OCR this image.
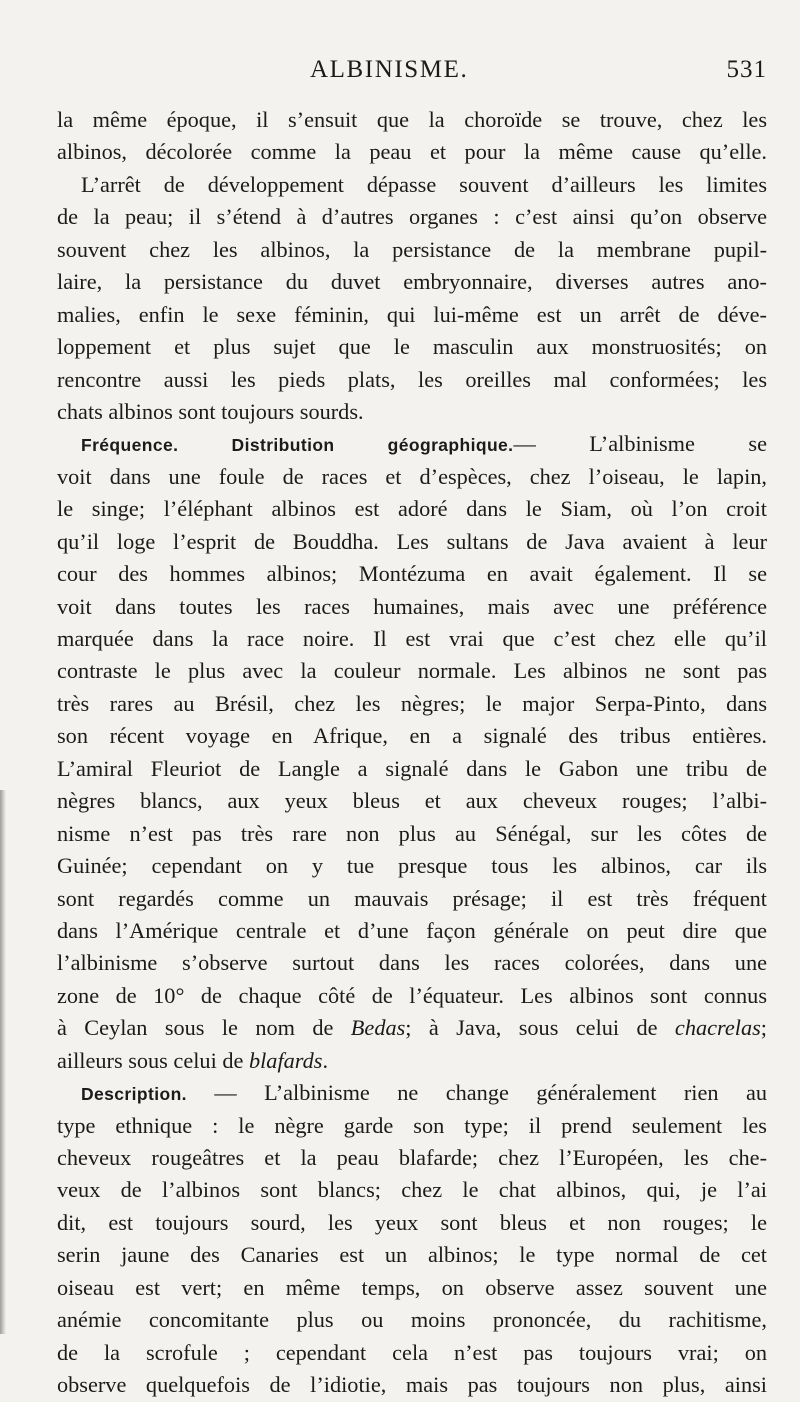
ALBINISME.	531
la même époque, il s’ensuit que la choroïde se trouve, chez les
albinos, décolorée comme la peau et pour la même cause qu’elle.
L’arrêt de développement dépasse souvent d’ailleurs les limites
de la peau; il s’étend à d’autres organes : c’est ainsi qu’on observe
souvent chez les albinos, la persistance de la membrane pupil-
laire, la persistance du duvet embryonnaire, diverses autres ano-
malies, enfin le sexe féminin, qui lui-même est un arrêt de déve-
loppement et plus sujet que le masculin aux monstruosités; on
rencontre aussi les pieds plats, les oreilles mal conformées; les
chats albinos sont toujours sourds.
Fréquence. Distribution géographique.— L’albinisme se
voit dans une foule de races et d’espèces, chez l’oiseau, le lapin,
le singe; l’éléphant albinos est adoré dans le Siam, où l’on croit
qu’il loge l’esprit de Bouddha. Les sultans de Java avaient à leur
cour des hommes albinos; Montézuma en avait également. Il se
voit dans toutes les races humaines, mais avec une préférence
marquée dans la race noire. Il est vrai que c’est chez elle qu’il
contraste le plus avec la couleur normale. Les albinos ne sont pas
très rares au Brésil, chez les nègres; le major Serpa-Pinto, dans
son récent voyage en Afrique, en a signalé des tribus entières.
L’amiral Fleuriot de Langle a signalé dans le Gabon une tribu de
nègres blancs, aux yeux bleus et aux cheveux rouges; l’albi-
nisme n’est pas très rare non plus au Sénégal, sur les côtes de
Guinée; cependant on y tue presque tous les albinos, car ils
sont regardés comme un mauvais présage; il est très fréquent
dans l’Amérique centrale et d’une façon générale on peut dire que
l’albinisme s’observe surtout dans les races colorées, dans une
zone de 10° de chaque côté de l’équateur. Les albinos sont connus
à Ceylan sous le nom de Bedas; à Java, sous celui de chacrelas;
ailleurs sous celui de blafards.
Description. — L’albinisme ne change généralement rien au
type ethnique : le nègre garde son type; il prend seulement les
cheveux rougeâtres et la peau blafarde; chez l’Européen, les che-
veux de l’albinos sont blancs; chez le chat albinos, qui, je l’ai
dit, est toujours sourd, les yeux sont bleus et non rouges; le
serin jaune des Canaries est un albinos; le type normal de cet
oiseau est vert; en même temps, on observe assez souvent une
anémie concomitante plus ou moins prononcée, du rachitisme,
de la scrofule ; cependant cela n’est pas toujours vrai; on
observe quelquefois de l’idiotie, mais pas toujours non plus, ainsi
